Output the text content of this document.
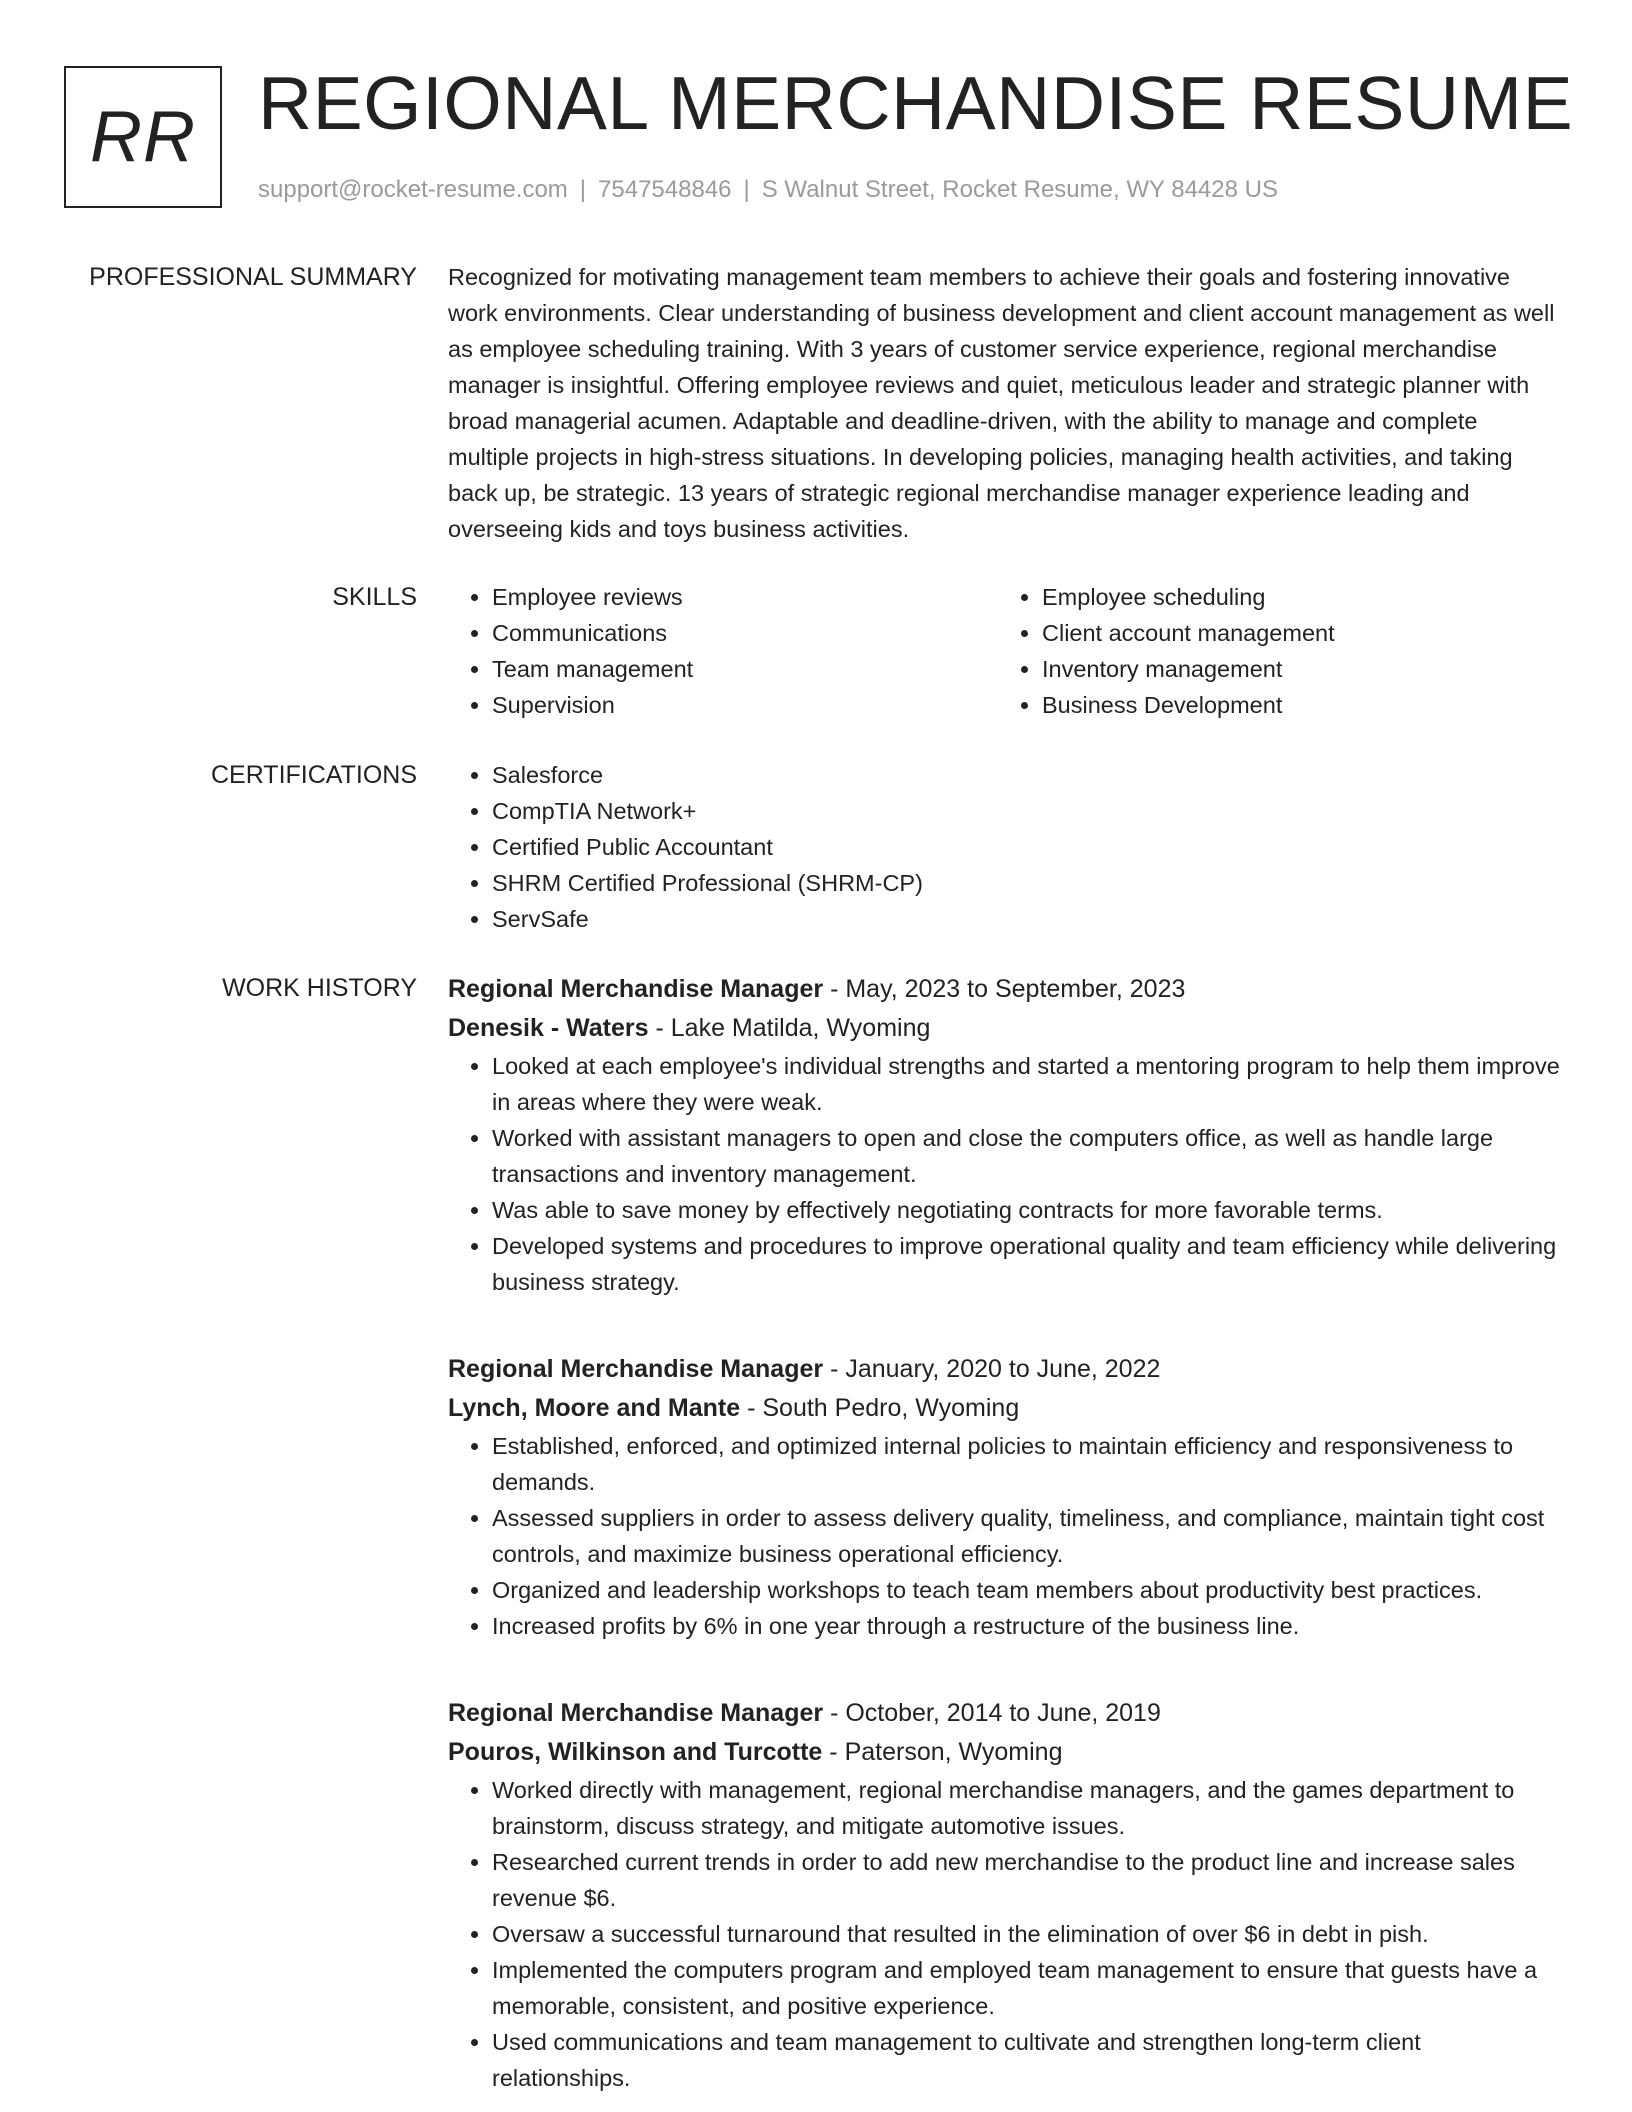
RR REGIONAL MERCHANDISE RESUME
support@rocket-resume.com | 7547548846 | S Walnut Street, Rocket Resume, WY 84428 US
PROFESSIONAL SUMMARY Recognized for motivating management team members to achieve their goals and fostering innovative work environments. Clear understanding of business development and client account management as well as employee scheduling training. With 3 years of customer service experience, regional merchandise manager is insightful. Offering employee reviews and quiet, meticulous leader and strategic planner with broad managerial acumen. Adaptable and deadline-driven, with the ability to manage and complete multiple projects in high-stress situations. In developing policies, managing health activities, and taking back up, be strategic. 13 years of strategic regional merchandise manager experience leading and overseeing kids and toys business activities.

SKILLS	• Employee reviews
• Communications
• Team management
• Supervision
• Employee scheduling
• Client account management
• Inventory management
• Business Development
CERTIFICATIONS	• Salesforce
• CompTIA Network+
• Certified Public Accountant
• SHRM Certified Professional (SHRM-CP)
• ServSafe
WORK HISTORY Regional Merchandise Manager - May, 2023 to September, 2023
Denesik - Waters - Lake Matilda, Wyoming
• Looked at each employee's individual strengths and started a mentoring program to help them improve in areas where they were weak.
• Worked with assistant managers to open and close the computers office, as well as handle large transactions and inventory management.
• Was able to save money by effectively negotiating contracts for more favorable terms.
• Developed systems and procedures to improve operational quality and team efficiency while delivering business strategy.
Regional Merchandise Manager - January, 2020 to June, 2022
Lynch, Moore and Mante - South Pedro, Wyoming
• Established, enforced, and optimized internal policies to maintain efficiency and responsiveness to demands.
• Assessed suppliers in order to assess delivery quality, timeliness, and compliance, maintain tight cost controls, and maximize business operational efficiency.
• Organized and leadership workshops to teach team members about productivity best practices.
• Increased profits by 6% in one year through a restructure of the business line.
Regional Merchandise Manager - October, 2014 to June, 2019
Pouros, Wilkinson and Turcotte - Paterson, Wyoming
• Worked directly with management, regional merchandise managers, and the games department to brainstorm, discuss strategy, and mitigate automotive issues.
• Researched current trends in order to add new merchandise to the product line and increase sales revenue $6.
• Oversaw a successful turnaround that resulted in the elimination of over $6 in debt in pish.
• Implemented the computers program and employed team management to ensure that guests have a memorable, consistent, and positive experience.
• Used communications and team management to cultivate and strengthen long-term client relationships.
